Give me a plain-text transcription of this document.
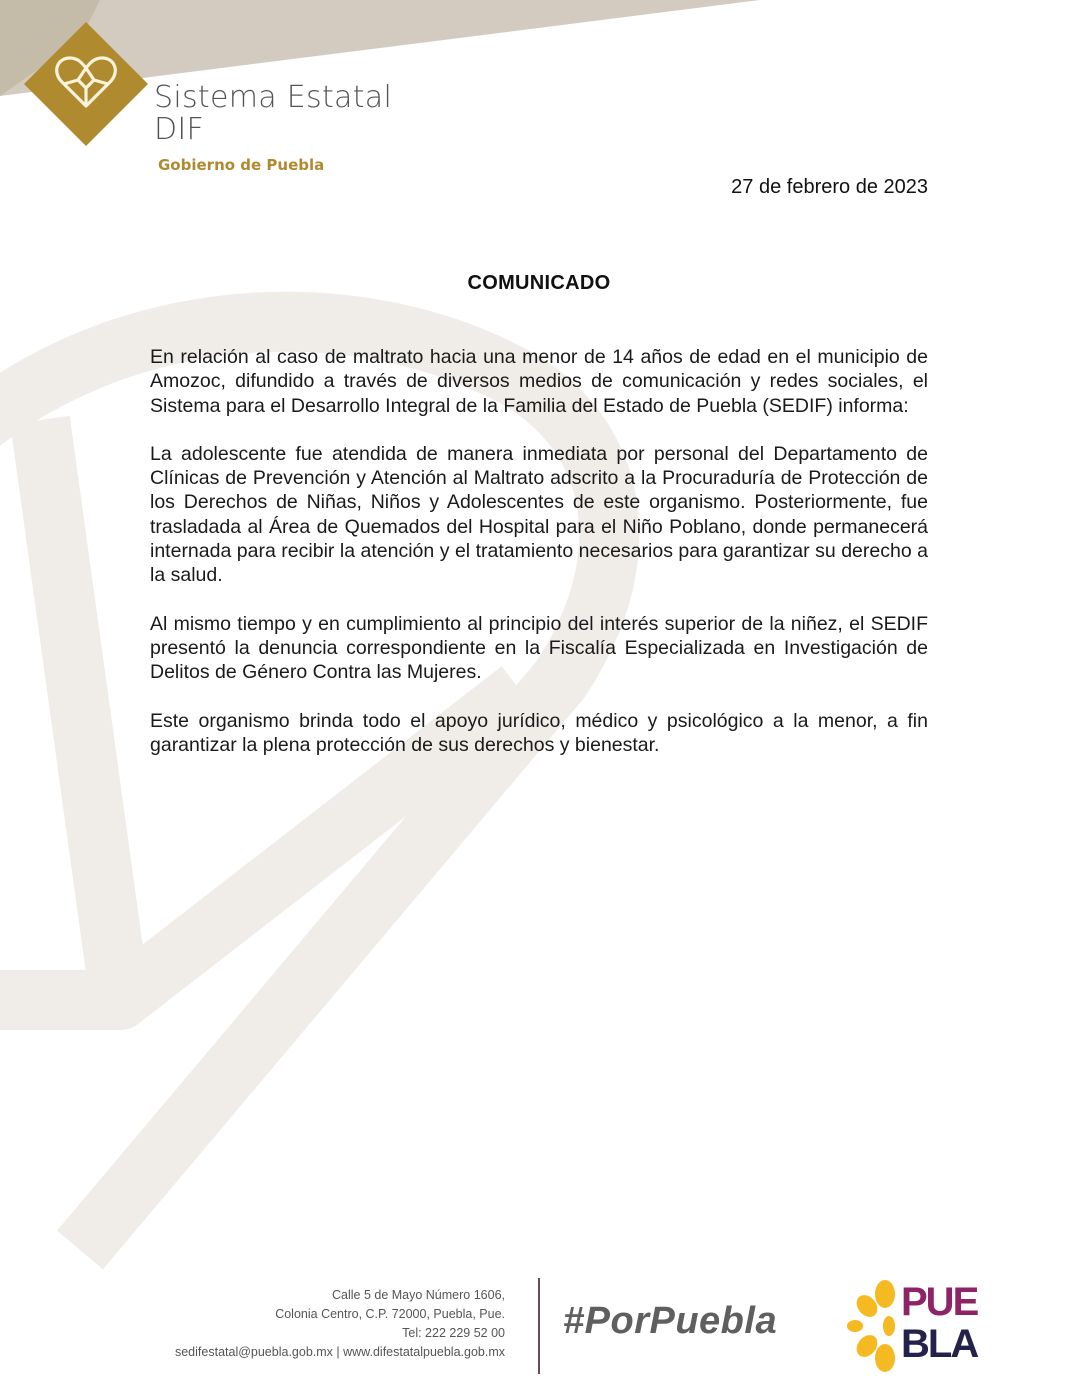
Sistema Estatal
DIF
Gobierno de Puebla
27 de febrero de 2023
COMUNICADO

En relación al caso de maltrato hacia una menor de 14 años de edad en el municipio de Amozoc, difundido a través de diversos medios de comunicación y redes sociales, el Sistema para el Desarrollo Integral de la Familia del Estado de Puebla (SEDIF) informa:

La adolescente fue atendida de manera inmediata por personal del Departamento de Clínicas de Prevención y Atención al Maltrato adscrito a la Procuraduría de Protección de los Derechos de Niñas, Niños y Adolescentes de este organismo. Posteriormente, fue trasladada al Área de Quemados del Hospital para el Niño Poblano, donde permanecerá internada para recibir la atención y el tratamiento necesarios para garantizar su derecho a la salud.

Al mismo tiempo y en cumplimiento al principio del interés superior de la niñez, el SEDIF presentó la denuncia correspondiente en la Fiscalía Especializada en Investigación de Delitos de Género Contra las Mujeres.

Este organismo brinda todo el apoyo jurídico, médico y psicológico a la menor, a fin garantizar la plena protección de sus derechos y bienestar.

Calle 5 de Mayo Número 1606,
Colonia Centro, C.P. 72000, Puebla, Pue.
Tel: 222 229 52 00
sedifestatal@puebla.gob.mx | www.difestatalpuebla.gob.mx
#PorPuebla	PUE
BLA
